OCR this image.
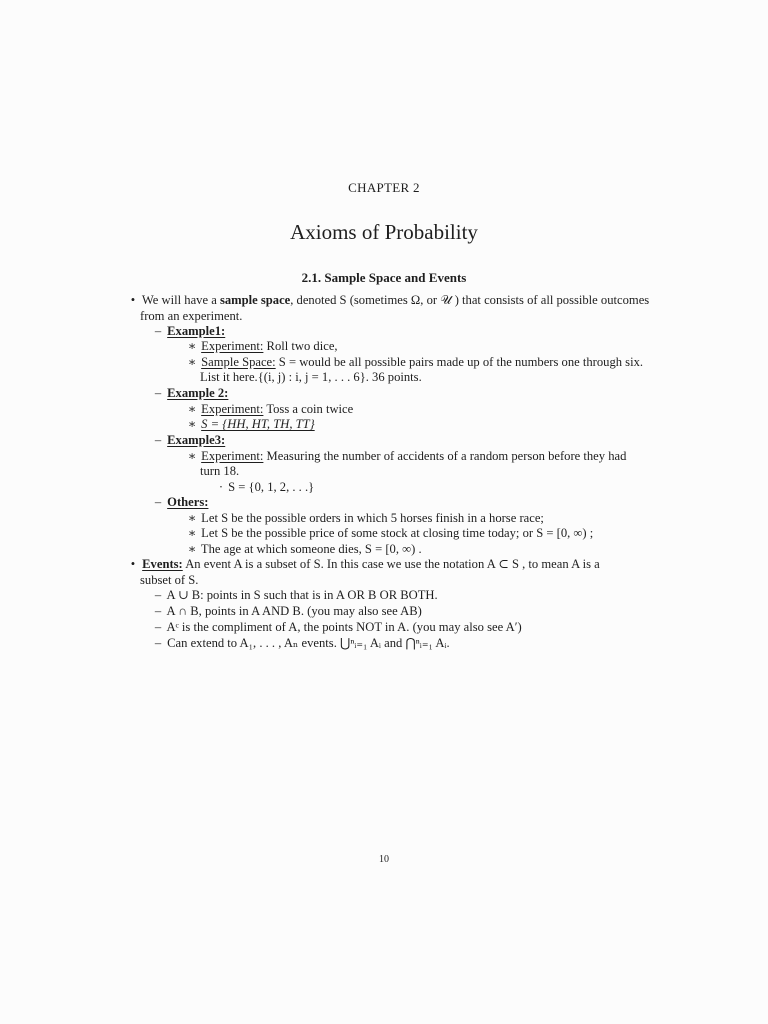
CHAPTER 2
Axioms of Probability
2.1. Sample Space and Events
• We will have a sample space, denoted S (sometimes Ω, or 𝒰 ) that consists of all possible outcomes
from an experiment.
– Example1:
∗ Experiment: Roll two dice,
∗ Sample Space: S = would be all possible pairs made up of the numbers one through six.
List it here.{(i, j) : i, j = 1, . . . 6}. 36 points.
– Example 2:
∗ Experiment: Toss a coin twice
∗ S = {HH, HT, TH, TT}
– Example3:
∗ Experiment: Measuring the number of accidents of a random person before they had
turn 18.
· S = {0, 1, 2, . . .}
– Others:
∗ Let S be the possible orders in which 5 horses finish in a horse race;
∗ Let S be the possible price of some stock at closing time today; or S = [0, ∞) ;
∗ The age at which someone dies, S = [0, ∞) .
• Events: An event A is a subset of S. In this case we use the notation A ⊂ S , to mean A is a
subset of S.
– A ∪ B: points in S such that is in A OR B OR BOTH.
– A ∩ B, points in A AND B. (you may also see AB)
– Aᶜ is the compliment of A, the points NOT in A. (you may also see A′)
– Can extend to A₁, . . . , Aₙ events. ⋃ⁿᵢ₌₁ Aᵢ and ⋂ⁿᵢ₌₁ Aᵢ.
10
